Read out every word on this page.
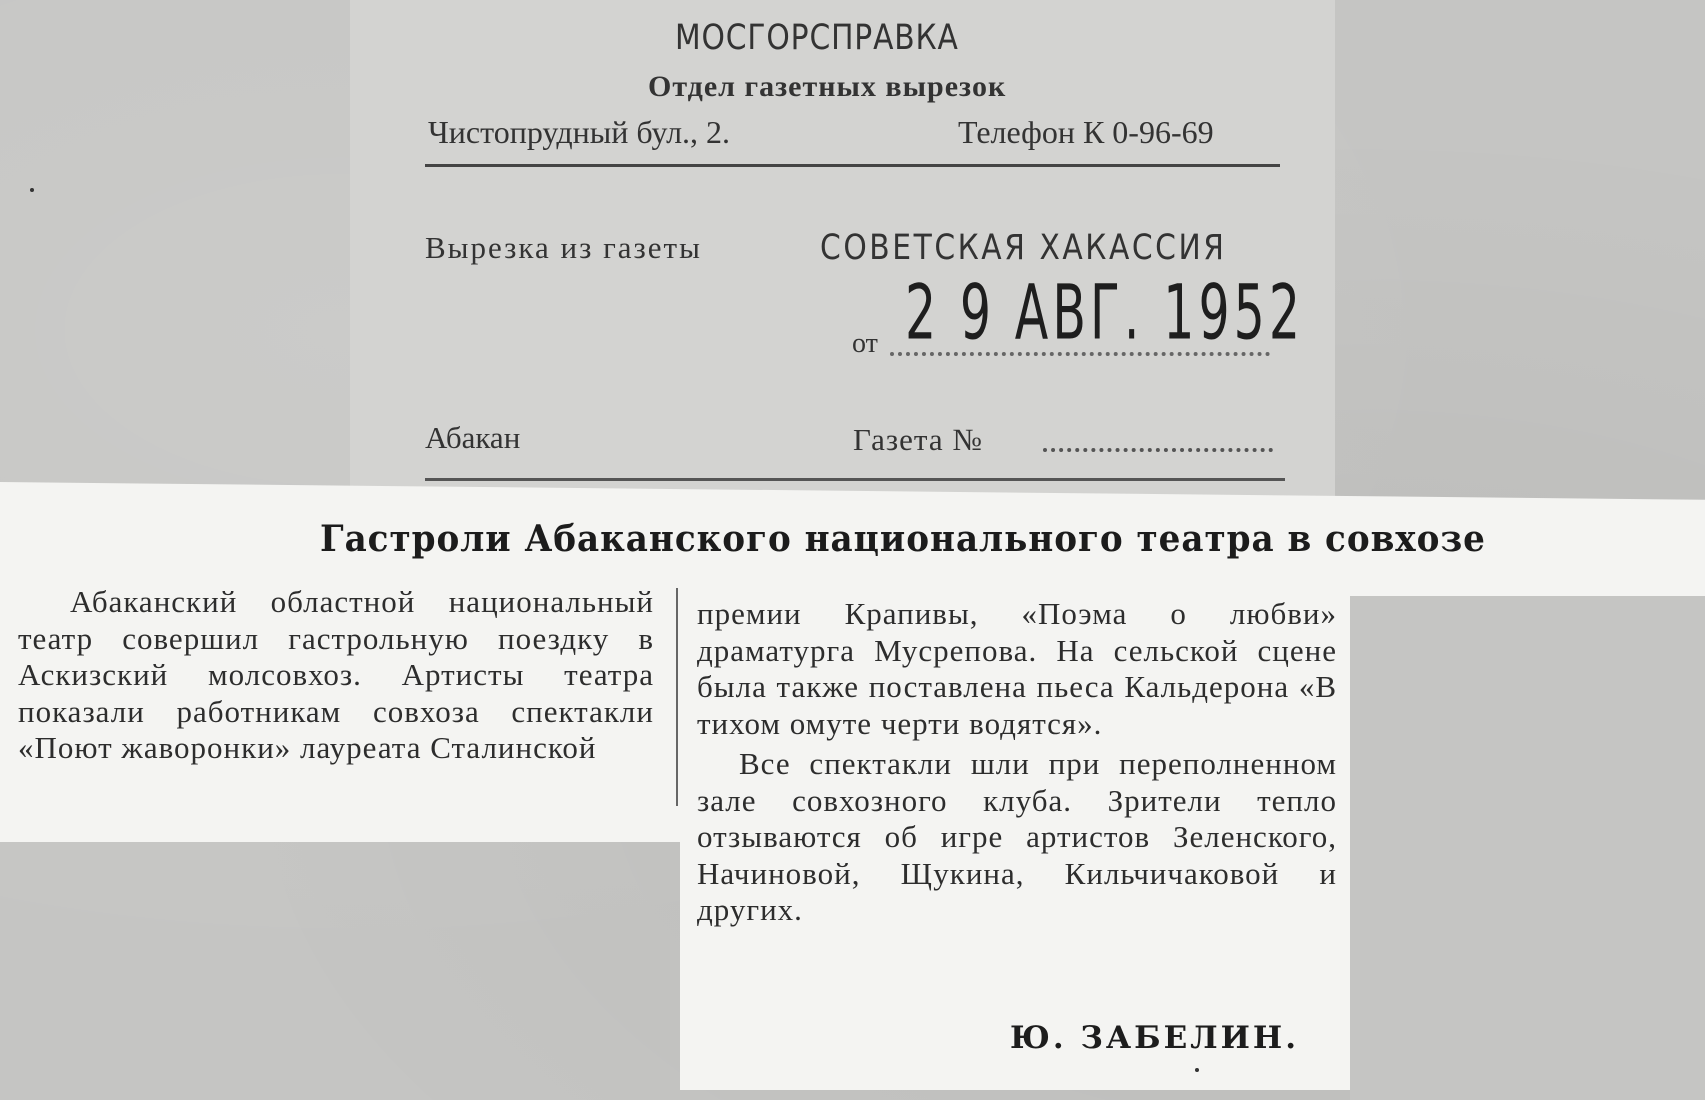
МОСГОРСПРАВКА
Отдел газетных вырезок
Чистопрудный бул., 2.	Телефон К 0-96-69
Вырезка из газеты	СОВЕТСКАЯ ХАКАССИЯ
от 2 9 АВГ. 1952
Абакан	Газета №
Гастроли Абаканского национального театра в совхозе

Абаканский областной национальный театр совершил гастрольную поездку в Аскизский молсовхоз. Артисты театра показали работникам совхоза спектакли «Поют жаворонки» лауреата Сталинской

премии Крапивы, «Поэма о любви» драматурга Мусрепова. На сельской сцене была также поставлена пьеса Кальдерона «В тихом омуте черти водятся».

Все спектакли шли при переполненном зале совхозного клуба. Зрители тепло отзываются об игре артистов Зеленского, Начиновой, Щукина, Кильчичаковой и других.

Ю. ЗАБЕЛИН.
